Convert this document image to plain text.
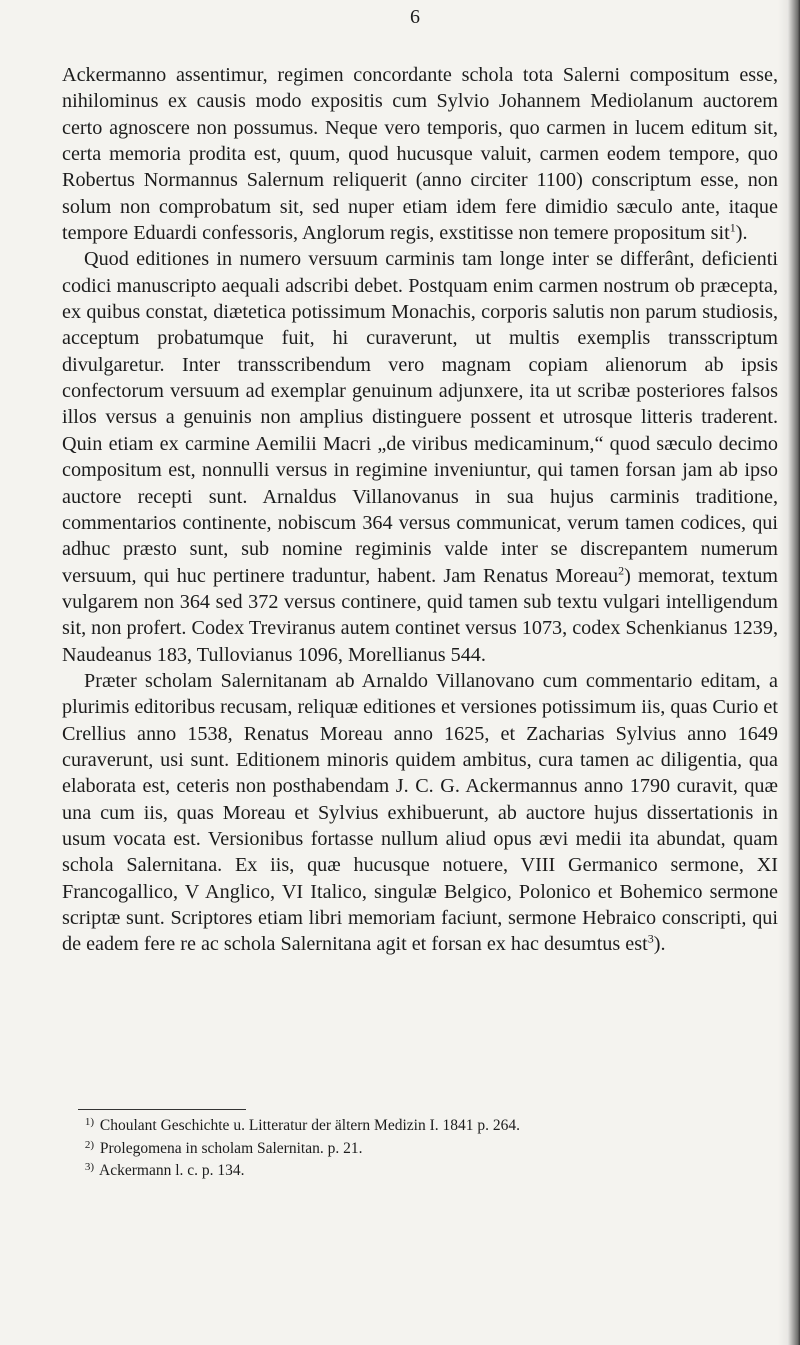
6

Ackermanno assentimur, regimen concordante schola tota Salerni compositum esse, nihilominus ex causis modo expositis cum Sylvio Johannem Mediolanum auctorem certo agnoscere non possumus. Neque vero temporis, quo carmen in lucem editum sit, certa memoria prodita est, quum, quod hucusque valuit, carmen eodem tempore, quo Robertus Normannus Salernum reliquerit (anno circiter 1100) conscriptum esse, non solum non comprobatum sit, sed nuper etiam idem fere dimidio sæculo ante, itaque tempore Eduardi confessoris, Anglorum regis, exstitisse non temere propositum sit$^1$).

Quod editiones in numero versuum carminis tam longe inter se differânt, deficienti codici manuscripto aequali adscribi debet. Postquam enim carmen nostrum ob præcepta, ex quibus constat, diætetica potissimum Monachis, corporis salutis non parum studiosis, acceptum probatumque fuit, hi curaverunt, ut multis exemplis transscriptum divulgaretur. Inter transscribendum vero magnam copiam alienorum ab ipsis confectorum versuum ad exemplar genuinum adjunxere, ita ut scribæ posteriores falsos illos versus a genuinis non amplius distinguere possent et utrosque litteris traderent. Quin etiam ex carmine Aemilii Macri „de viribus medicaminum,“ quod sæculo decimo compositum est, nonnulli versus in regimine inveniuntur, qui tamen forsan jam ab ipso auctore recepti sunt. Arnaldus Villanovanus in sua hujus carminis traditione, commentarios continente, nobiscum 364 versus communicat, verum tamen codices, qui adhuc præsto sunt, sub nomine regiminis valde inter se discrepantem numerum versuum, qui huc pertinere traduntur, habent. Jam Renatus Moreau$^2$) memorat, textum vulgarem non 364 sed 372 versus continere, quid tamen sub textu vulgari intelligendum sit, non profert. Codex Treviranus autem continet versus 1073, codex Schenkianus 1239, Naudeanus 183, Tullovianus 1096, Morellianus 544.

Præter scholam Salernitanam ab Arnaldo Villanovano cum commentario editam, a plurimis editoribus recusam, reliquæ editiones et versiones potissimum iis, quas Curio et Crellius anno 1538, Renatus Moreau anno 1625, et Zacharias Sylvius anno 1649 curaverunt, usi sunt. Editionem minoris quidem ambitus, cura tamen ac diligentia, qua elaborata est, ceteris non posthabendam J. C. G. Ackermannus anno 1790 curavit, quæ una cum iis, quas Moreau et Sylvius exhibuerunt, ab auctore hujus dissertationis in usum vocata est. Versionibus fortasse nullum aliud opus ævi medii ita abundat, quam schola Salernitana. Ex iis, quæ hucusque notuere, VIII Germanico sermone, XI Francogallico, V Anglico, VI Italico, singulæ Belgico, Polonico et Bohemico sermone scriptæ sunt. Scriptores etiam libri memoriam faciunt, sermone Hebraico conscripti, qui de eadem fere re ac schola Salernitana agit et forsan ex hac desumtus est$^3$).

1) Choulant Geschichte u. Litteratur der ältern Medizin I. 1841 p. 264.

2) Prolegomena in scholam Salernitan. p. 21.

3) Ackermann l. c. p. 134.
